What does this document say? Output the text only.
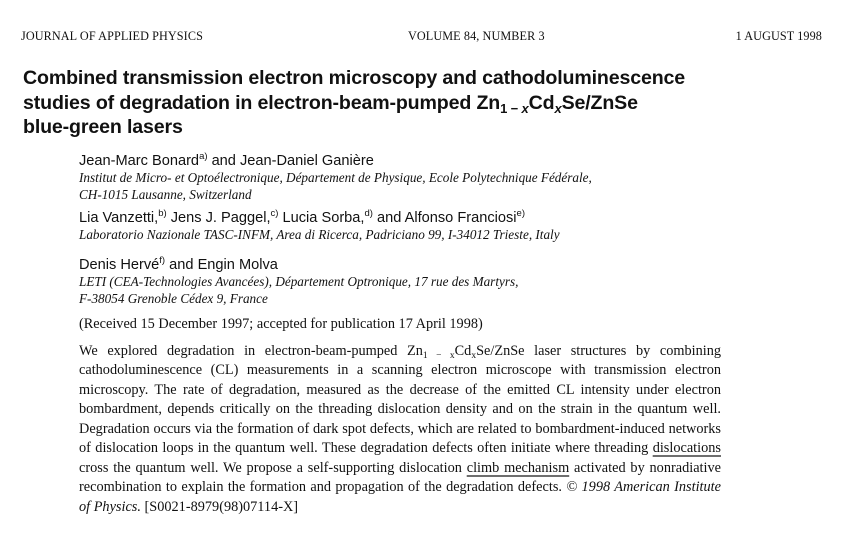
JOURNAL OF APPLIED PHYSICS	VOLUME 84, NUMBER 3	1 AUGUST 1998
Combined transmission electron microscopy and cathodoluminescence
studies of degradation in electron-beam-pumped $Zn_{1 - x}Cd_xSe$/ZnSe
blue-green lasers
Jean-Marc Bonard$^{a)}$ and Jean-Daniel Ganière
Institut de Micro- et Optoélectronique, Département de Physique, Ecole Polytechnique Fédérale,
CH-1015 Lausanne, Switzerland
Lia Vanzetti,$^{b)}$ Jens J. Paggel,$^{c)}$ Lucia Sorba,$^{d)}$ and Alfonso Franciosi$^{e)}$
Laboratorio Nazionale TASC-INFM, Area di Ricerca, Padriciano 99, I-34012 Trieste, Italy
Denis Hervé$^{f)}$ and Engin Molva
LETI (CEA-Technologies Avancées), Département Optronique, 17 rue des Martyrs,
F-38054 Grenoble Cédex 9, France
(Received 15 December 1997; accepted for publication 17 April 1998)
We explored degradation in electron-beam-pumped $Zn_{1 - x}Cd_xSe$/ZnSe laser structures by combining cathodoluminescence (CL) measurements in a scanning electron microscope with transmission electron microscopy. The rate of degradation, measured as the decrease of the emitted CL intensity under electron bombardment, depends critically on the threading dislocation density and on the strain in the quantum well. Degradation occurs via the formation of dark spot defects, which are related to bombardment-induced networks of dislocation loops in the quantum well. These degradation defects often initiate where threading dislocations cross the quantum well. We propose a self-supporting dislocation climb mechanism activated by nonradiative recombination to explain the formation and propagation of the degradation defects. © 1998 American Institute of Physics. [S0021-8979(98)07114-X]
